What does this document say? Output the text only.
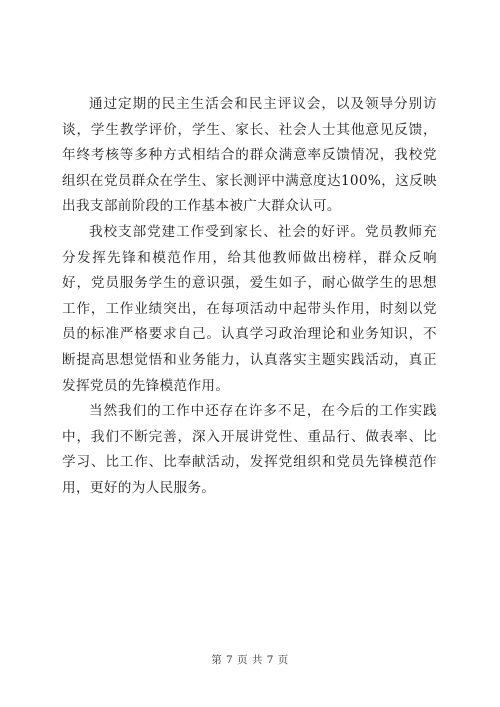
通过定期的民主生活会和民主评议会，以及领导分别访谈，学生教学评价，学生、家长、社会人士其他意见反馈，年终考核等多种方式相结合的群众满意率反馈情况，我校党组织在党员群众在学生、家长测评中满意度达100%，这反映出我支部前阶段的工作基本被广大群众认可。

我校支部党建工作受到家长、社会的好评。党员教师充分发挥先锋和模范作用，给其他教师做出榜样，群众反响好，党员服务学生的意识强，爱生如子，耐心做学生的思想工作，工作业绩突出，在每项活动中起带头作用，时刻以党员的标准严格要求自己。认真学习政治理论和业务知识，不断提高思想觉悟和业务能力，认真落实主题实践活动，真正发挥党员的先锋模范作用。

当然我们的工作中还存在许多不足，在今后的工作实践中，我们不断完善，深入开展讲党性、重品行、做表率、比学习、比工作、比奉献活动，发挥党组织和党员先锋模范作用，更好的为人民服务。

第 7 页 共 7 页
